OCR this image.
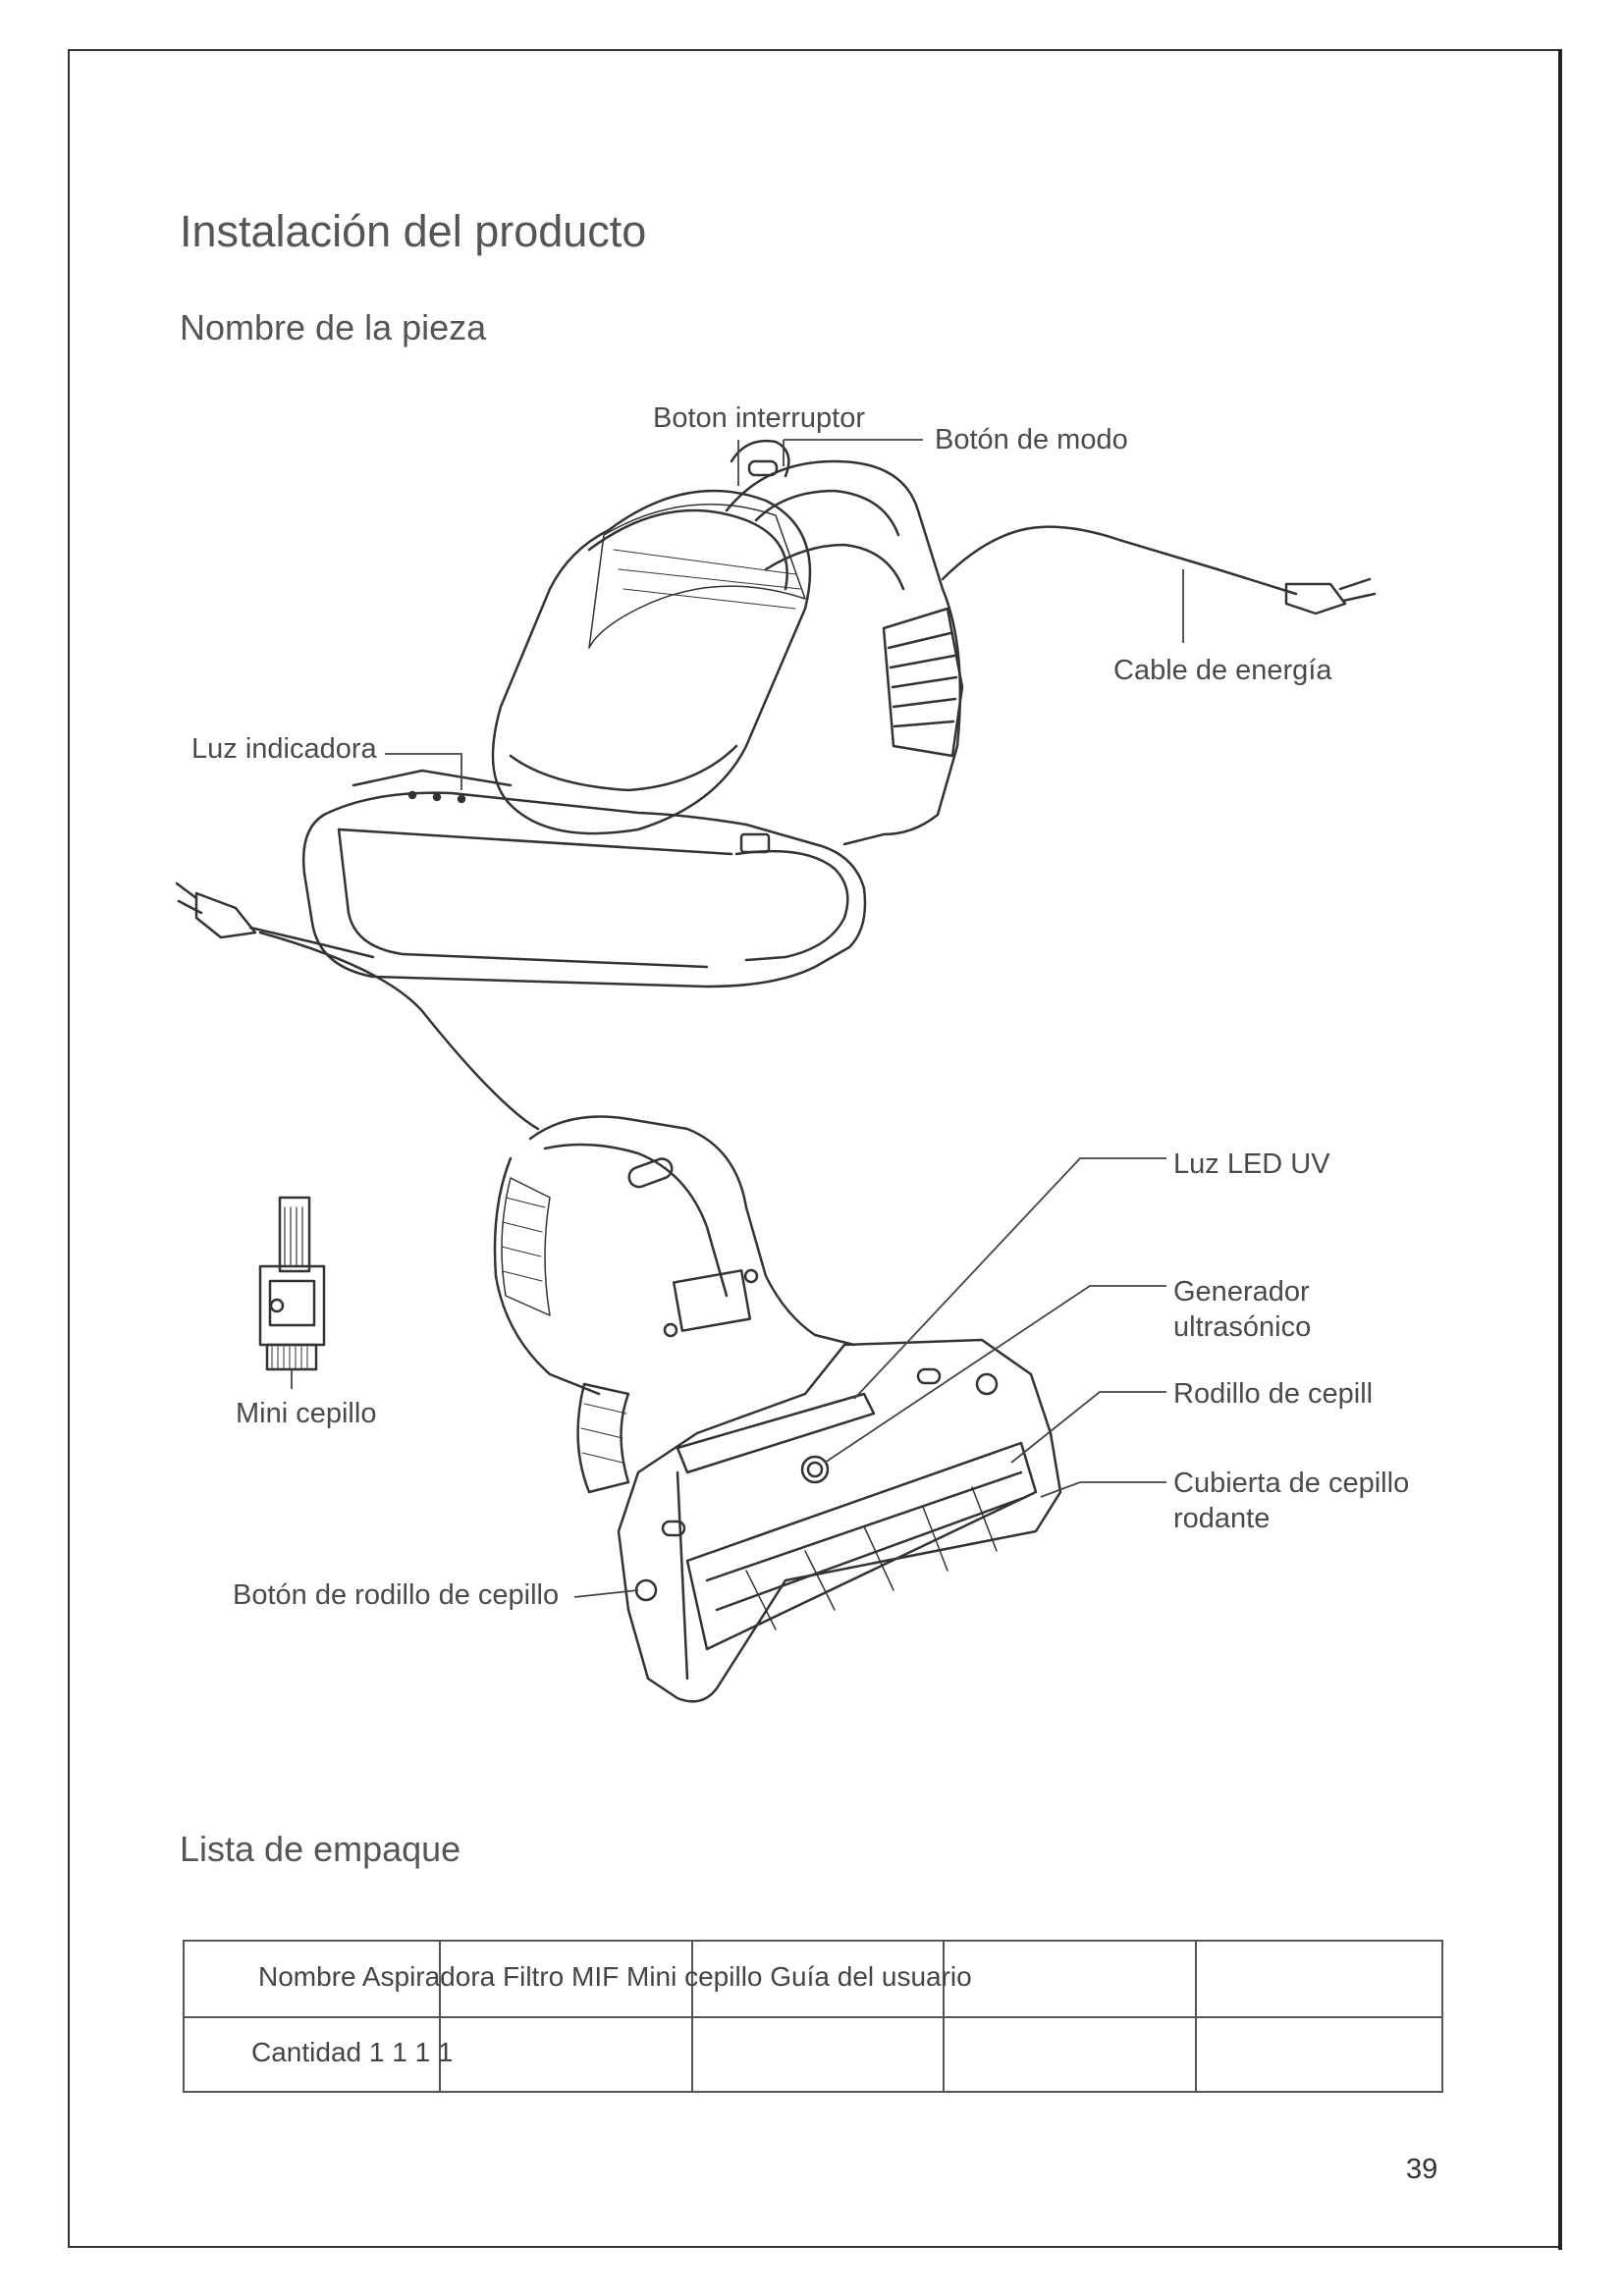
Instalación del producto
Nombre de la pieza
Boton interruptor
Botón de modo
Cable de energía
Luz indicadora
Luz LED UV
Generador
ultrasónico
Rodillo de cepill
Cubierta de cepillo
rodante
Mini cepillo
Botón de rodillo de cepillo
Lista de empaque
Nombre Aspiradora Filtro MIF Mini cepillo Guía del usuario
Cantidad 1 1 1 1
39
